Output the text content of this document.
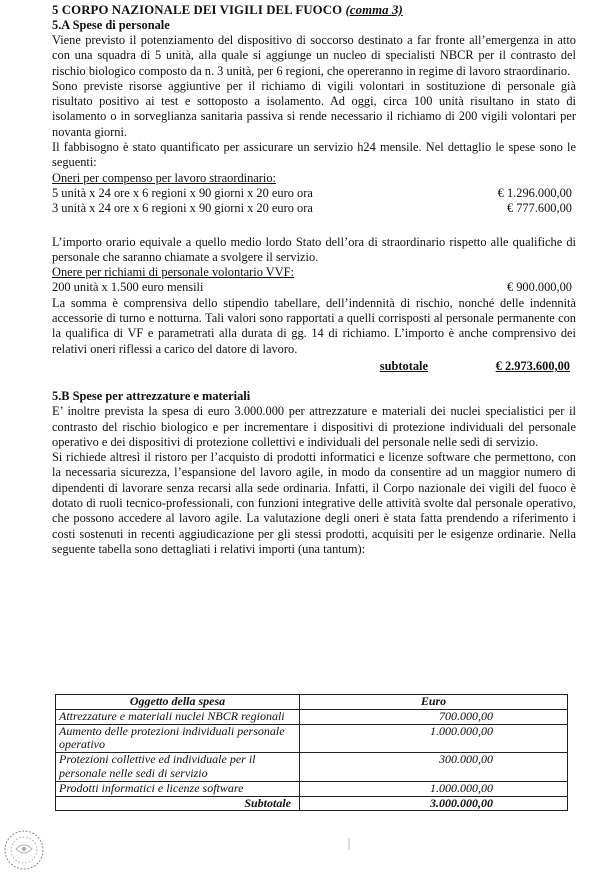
5 CORPO NAZIONALE DEI VIGILI DEL FUOCO (comma 3)
5.A Spese di personale

Viene previsto il potenziamento del dispositivo di soccorso destinato a far fronte all’emergenza in atto con una squadra di 5 unità, alla quale si aggiunge un nucleo di specialisti NBCR per il contrasto del rischio biologico composto da n. 3 unità, per 6 regioni, che opereranno in regime di lavoro straordinario.

Sono previste risorse aggiuntive per il richiamo di vigili volontari in sostituzione di personale già risultato positivo ai test e sottoposto a isolamento. Ad oggi, circa 100 unità risultano in stato di isolamento o in sorveglianza sanitaria passiva si rende necessario il richiamo di 200 vigili volontari per novanta giorni.

Il fabbisogno è stato quantificato per assicurare un servizio h24 mensile. Nel dettaglio le spese sono le seguenti:

Oneri per compenso per lavoro straordinario:
5 unità x 24 ore x 6 regioni x 90 giorni x 20 euro ora	€ 1.296.000,00
3 unità x 24 ore x 6 regioni x 90 giorni x 20 euro ora	€ 777.600,00

L’importo orario equivale a quello medio lordo Stato dell’ora di straordinario rispetto alle qualifiche di personale che saranno chiamate a svolgere il servizio.

Onere per richiami di personale volontario VVF:
200 unità x 1.500 euro mensili	€ 900.000,00

La somma è comprensiva dello stipendio tabellare, dell’indennità di rischio, nonché delle indennità accessorie di turno e notturna. Tali valori sono rapportati a quelli corrisposti al personale permanente con la qualifica di VF e parametrati alla durata di gg. 14 di richiamo. L’importo è anche comprensivo dei relativi oneri riflessi a carico del datore di lavoro.

subtotale	€ 2.973.600,00
5.B Spese per attrezzature e materiali

E’ inoltre prevista la spesa di euro 3.000.000 per attrezzature e materiali dei nuclei specialistici per il contrasto del rischio biologico e per incrementare i dispositivi di protezione individuali del personale operativo e dei dispositivi di protezione collettivi e individuali del personale nelle sedi di servizio.

Si richiede altresì il ristoro per l’acquisto di prodotti informatici e licenze software che permettono, con la necessaria sicurezza, l’espansione del lavoro agile, in modo da consentire ad un maggior numero di dipendenti di lavorare senza recarsi alla sede ordinaria. Infatti, il Corpo nazionale dei vigili del fuoco è dotato di ruoli tecnico-professionali, con funzioni integrative delle attività svolte dal personale operativo, che possono accedere al lavoro agile. La valutazione degli oneri è stata fatta prendendo a riferimento i costi sostenuti in recenti aggiudicazione per gli stessi prodotti, acquisiti per le esigenze ordinarie. Nella seguente tabella sono dettagliati i relativi importi (una tantum):

Oggetto della spesa	Euro
Attrezzature e materiali nuclei NBCR regionali	700.000,00
Aumento delle protezioni individuali personale operativo	1.000.000,00
Protezioni collettive ed individuale per il personale nelle sedi di servizio	300.000,00
Prodotti informatici e licenze software	1.000.000,00
Subtotale	3.000.000,00
